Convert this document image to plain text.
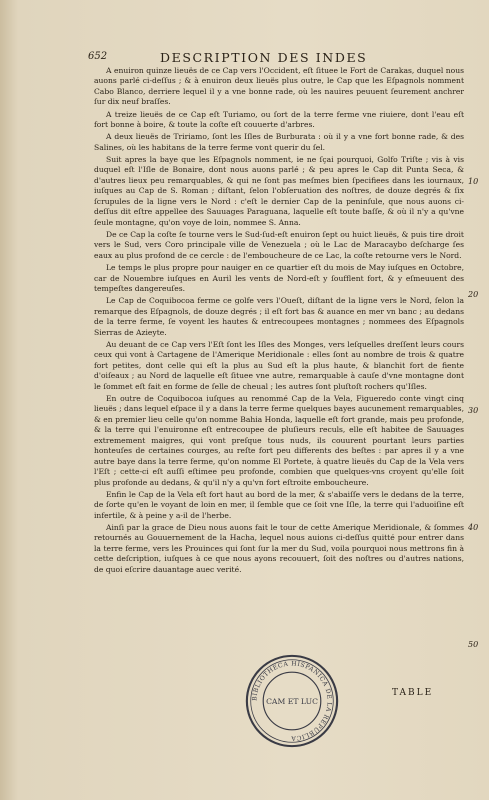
652	DESCRIPTION DES INDES

A enuiron quinze lieuës de ce Cap vers l'Occident, eſt ſituee le Fort de Carakas, duquel nous auons parlé ci-deſſus ; & à enuiron deux lieuës plus outre, le Cap que les Eſpagnols nomment Cabo Blanco, derriere lequel il y a vne bonne rade, où les nauires peuuent ſeurement anchrer ſur dix neuf braſſes.

A treize lieuës de ce Cap eſt Turiamo, ou ſort de la terre ferme vne riuiere, dont l'eau eſt fort bonne à boire, & toute la coſte eſt couuerte d'arbres.

A deux lieuës de Tririamo, ſont les Iſles de Burburata : où il y a vne fort bonne rade, & des Salines, où les habitans de la terre ferme vont querir du ſel.

Suit apres la baye que les Eſpagnols nomment, ie ne ſçai pourquoi, Golfo Triſte ; vis à vis duquel eſt l'Iſle de Bonaire, dont nous auons parlé ; & peu apres le Cap dit Punta Seca, & d'autres lieux peu remarquables, & qui ne ſont pas meſmes bien ſpecifiees dans les iournaux, iuſques au Cap de S. Roman ; diſtant, ſelon l'obſeruation des noſtres, de douze degrés & ſix ſcrupules de la ligne vers le Nord : c'eſt le dernier Cap de la peninſule, que nous auons ci-deſſus dit eſtre appellee des Sauuages Paraguana, laquelle eſt toute baſſe, & où il n'y a qu'vne ſeule montagne, qu'on voye de loin, nommee S. Anna.

De ce Cap la coſte ſe tourne vers le Sud-ſud-eſt enuiron ſept ou huict lieuës, & puis tire droit vers le Sud, vers Coro principale ville de Venezuela ; où le Lac de Maracaybo deſcharge ſes eaux au plus profond de ce cercle : de l'emboucheure de ce Lac, la coſte retourne vers le Nord.

Le temps le plus propre pour nauiger en ce quartier eſt du mois de May iuſques en Octobre, car de Nouembre iuſques en Auril les vents de Nord-eſt y ſoufflent fort, & y eſmeuuent des tempeſtes dangereuſes.

Le Cap de Coquibocoa ferme ce golfe vers l'Oueſt, diſtant de la ligne vers le Nord, ſelon la remarque des Eſpagnols, de douze degrés ; il eſt fort bas & auance en mer vn banc ; au dedans de la terre ferme, ſe voyent les hautes & entrecoupees montagnes ; nommees des Eſpagnols Sierras de Azieyte.

Au deuant de ce Cap vers l'Eſt ſont les Iſles des Monges, vers leſquelles dreſſent leurs cours ceux qui vont à Cartagene de l'Amerique Meridionale : elles ſont au nombre de trois & quatre fort petites, dont celle qui eſt la plus au Sud eſt la plus haute, & blanchit fort de fiente d'oiſeaux ; au Nord de laquelle eſt ſituee vne autre, remarquable à cauſe d'vne montagne dont le ſommet eſt fait en forme de ſelle de cheual ; les autres ſont pluſtoſt rochers qu'Iſles.

En outre de Coquibocoa iuſques au renommé Cap de la Vela, Figueredo conte vingt cinq lieuës ; dans lequel eſpace il y a dans la terre ferme quelques bayes aucunement remarquables, & en premier lieu celle qu'on nomme Bahia Honda, laquelle eſt fort grande, mais peu profonde, & la terre qui l'enuironne eſt entrecoupee de pluſieurs reculs, elle eſt habitee de Sauuages extremement maigres, qui vont preſque tous nuds, ils couurent pourtant leurs parties honteuſes de certaines courges, au reſte fort peu differents des beſtes : par apres il y a vne autre baye dans la terre ferme, qu'on nomme El Portete, à quatre lieuës du Cap de la Vela vers l'Eſt ; cette-ci eſt auſſi eſtimee peu profonde, combien que quelques-vns croyent qu'elle ſoit plus profonde au dedans, & qu'il n'y a qu'vn fort eſtroite emboucheure.

Enfin le Cap de la Vela eſt fort haut au bord de la mer, & s'abaiſſe vers le dedans de la terre, de ſorte qu'en le voyant de loin en mer, il ſemble que ce ſoit vne Iſle, la terre qui l'aduoiſine eſt infertile, & à peine y a-il de l'herbe.

Ainſi par la grace de Dieu nous auons fait le tour de cette Amerique Meridionale, & ſommes retournés au Gouuernement de la Hacha, lequel nous auions ci-deſſus quitté pour entrer dans la terre ferme, vers les Prouinces qui ſont ſur la mer du Sud, voila pourquoi nous mettrons fin à cette deſcription, iuſques à ce que nous ayons recouuert, ſoit des noſtres ou d'autres nations, de quoi eſcrire dauantage auec verité.

10
20
30
40
50
BIBLIOTHECA HISPANICA DE LA REPUBLICA
CAM ET LUC
TABLE
